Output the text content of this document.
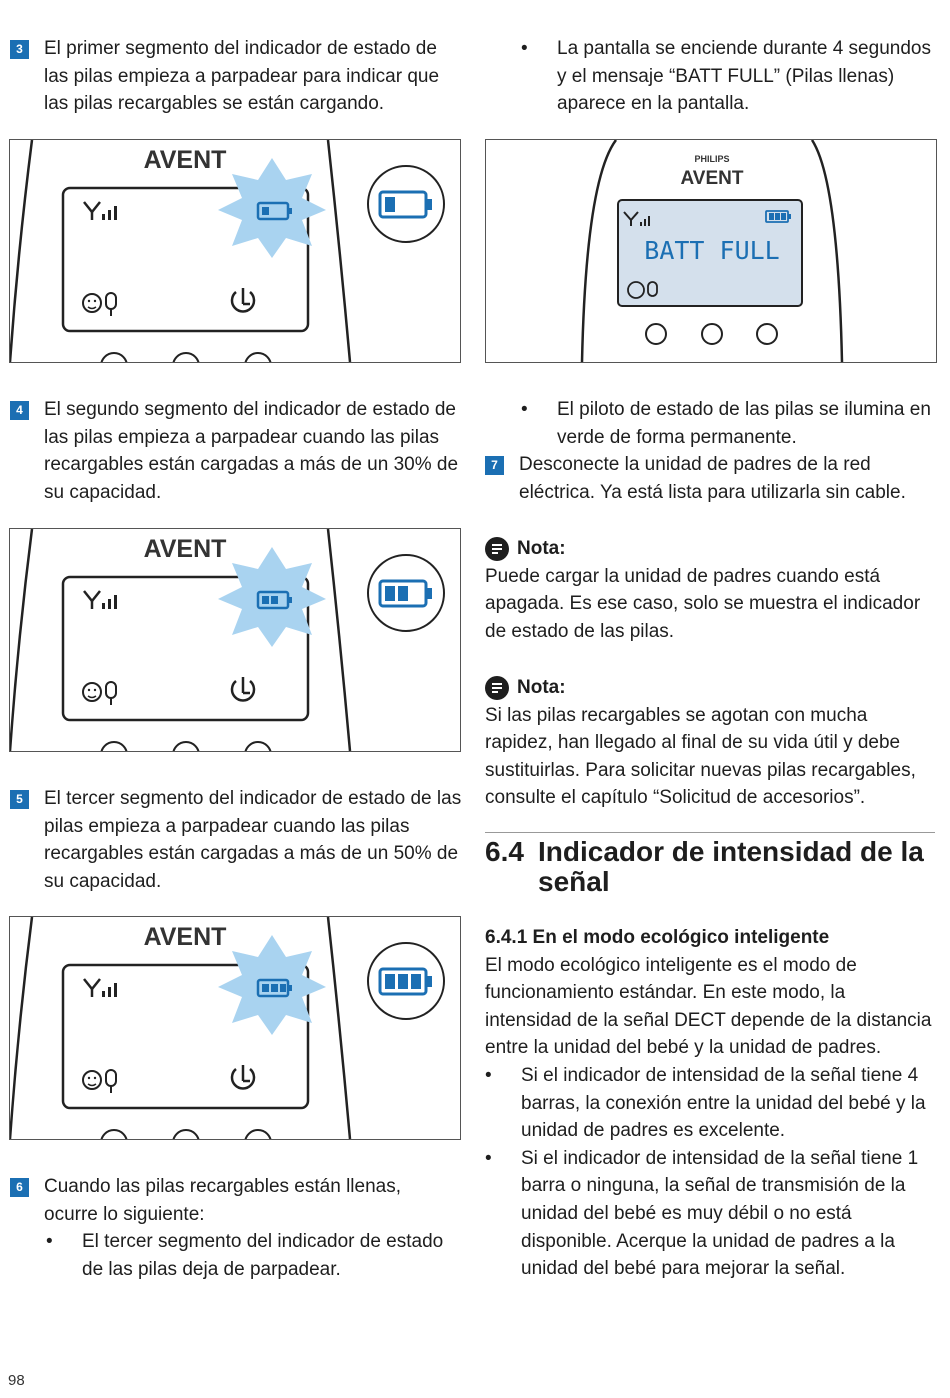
3	El primer segmento del indicador de estado de las pilas empieza a parpadear para indicar que las pilas recargables se están cargando.

• La pantalla se enciende durante 4 segundos y el mensaje “BATT FULL” (Pilas llenas) aparece en la pantalla.

AVENT	PHILIPS
AVENT
BATT FULL
4	El segundo segmento del indicador de estado de las pilas empieza a parpadear cuando las pilas recargables están cargadas a más de un 30% de su capacidad.

• El piloto de estado de las pilas se ilumina en verde de forma permanente.

7	Desconecte la unidad de padres de la red eléctrica. Ya está lista para utilizarla sin cable.

AVENT	Nota:

Puede cargar la unidad de padres cuando está apagada. Es ese caso, solo se muestra el indicador de estado de las pilas.

Nota:

Si las pilas recargables se agotan con mucha rapidez, han llegado al final de su vida útil y debe sustituirlas. Para solicitar nuevas pilas recargables, consulte el capítulo “Solicitud de accesorios”.

5	El tercer segmento del indicador de estado de las pilas empieza a parpadear cuando las pilas recargables están cargadas a más de un 50% de su capacidad.

6.4 Indicador de intensidad de la señal
AVENT	6.4.1 En el modo ecológico inteligente

El modo ecológico inteligente es el modo de funcionamiento estándar. En este modo, la intensidad de la señal DECT depende de la distancia entre la unidad del bebé y la unidad de padres.

• Si el indicador de intensidad de la señal tiene 4 barras, la conexión entre la unidad del bebé y la unidad de padres es excelente.

• Si el indicador de intensidad de la señal tiene 1 barra o ninguna, la señal de transmisión de la unidad del bebé es muy débil o no está disponible. Acerque la unidad de padres a la unidad del bebé para mejorar la señal.

6	Cuando las pilas recargables están llenas, ocurre lo siguiente:

• El tercer segmento del indicador de estado de las pilas deja de parpadear.

98
